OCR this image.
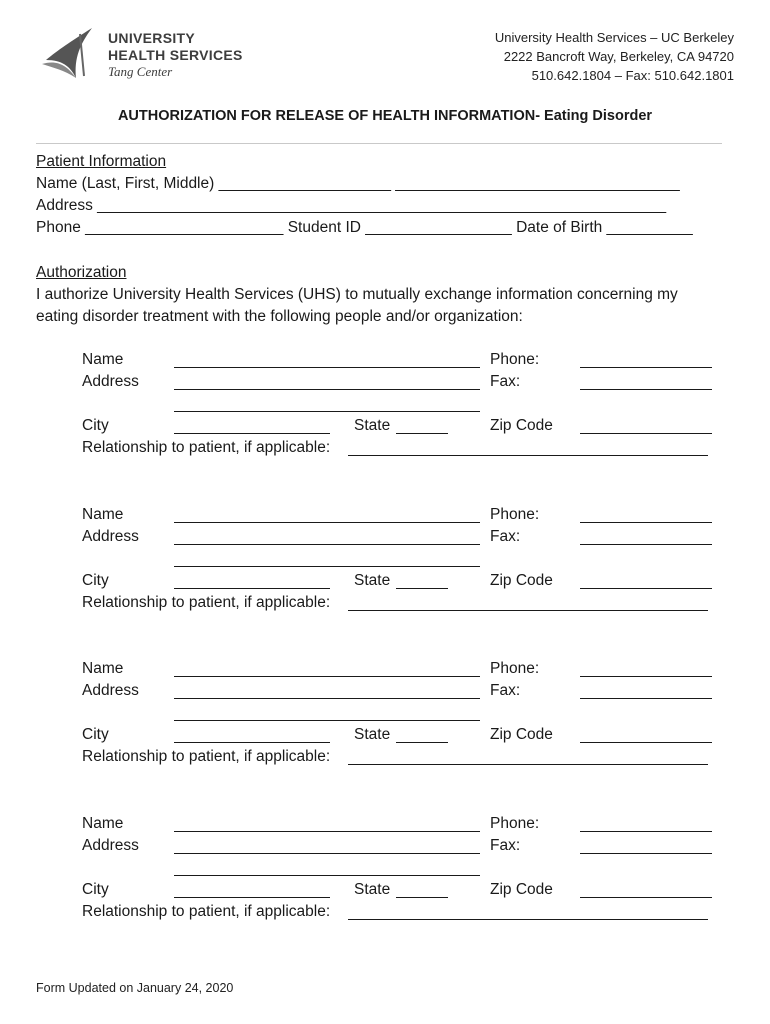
UNIVERSITY
HEALTH SERVICES
Tang Center
University Health Services – UC Berkeley
2222 Bancroft Way, Berkeley, CA 94720
510.642.1804 – Fax: 510.642.1801
AUTHORIZATION FOR RELEASE OF HEALTH INFORMATION- Eating Disorder
Patient Information
Name (Last, First, Middle) ____________________ _________________________________
Address __________________________________________________________________
Phone _______________________ Student ID _________________ Date of Birth __________
Authorization
I authorize University Health Services (UHS) to mutually exchange information concerning my
eating disorder treatment with the following people and/or organization:
Name	Phone:
Address	Fax:
City	State	Zip Code
Relationship to patient, if applicable:
Name	Phone:
Address	Fax:
City	State	Zip Code
Relationship to patient, if applicable:
Name	Phone:
Address	Fax:
City	State	Zip Code
Relationship to patient, if applicable:
Name	Phone:
Address	Fax:
City	State	Zip Code
Relationship to patient, if applicable:
Form Updated on January 24, 2020
